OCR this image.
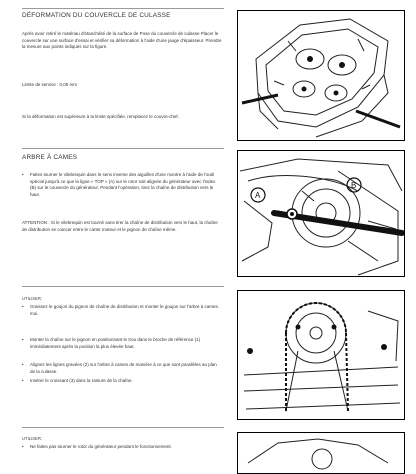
DÉFORMATION DU COUVERCLE DE CULASSE
Après avoir retiré le matériau d'étanchéité de la surface de Pose du couvercle de culasse Placer le couvercle sur une surface d'essai et vérifier sa déformation à l'aide d'une jauge d'épaisseur. Prendre la mesure aux points indiqués sur la figure.
Limite de service : 0,05 mm
Si la déformation est supérieure à la limite spécifiée, remplacez le couvre-chef.
ARBRE À CAMES
•	Faites tourner le vilebrequin dans le sens inverse des aiguilles d'une montre à l'aide de l'outil spécial jusqu'à ce que la ligne « TOP » (A) sur le rotor soit alignée du générateur avec l'index (B) sur le couvercle du générateur. Pendant l'opération, tirez la chaîne de distribution vers le haut.
ATTENTION : Si le vilebrequin est tourné sans tirer la chaîne de distribution vers le haut, la chaîne de distribution se coincer entre le carter moteur et le pignon de chaîne même.
A
B
UTILISER:
•	Graissez le goujon du pignon de chaîne de distribution et monter le goujon sur l'arbre à cames. moi.
•	Monter la chaîne sur le pignon en positionnant le trou dans le broche de référence (1) immédiatement après la position la plus élevée haut.
•	Alignez les lignes gravées (2) sur l'arbre à cames de manière à ce que sont parallèles au plan de la culasse.
•	Insérer le croissant (3) dans la rainure de la chaîne.
UTILISER:
•	Ne faites pas tourner le rotor du générateur pendant le fonctionnement.
